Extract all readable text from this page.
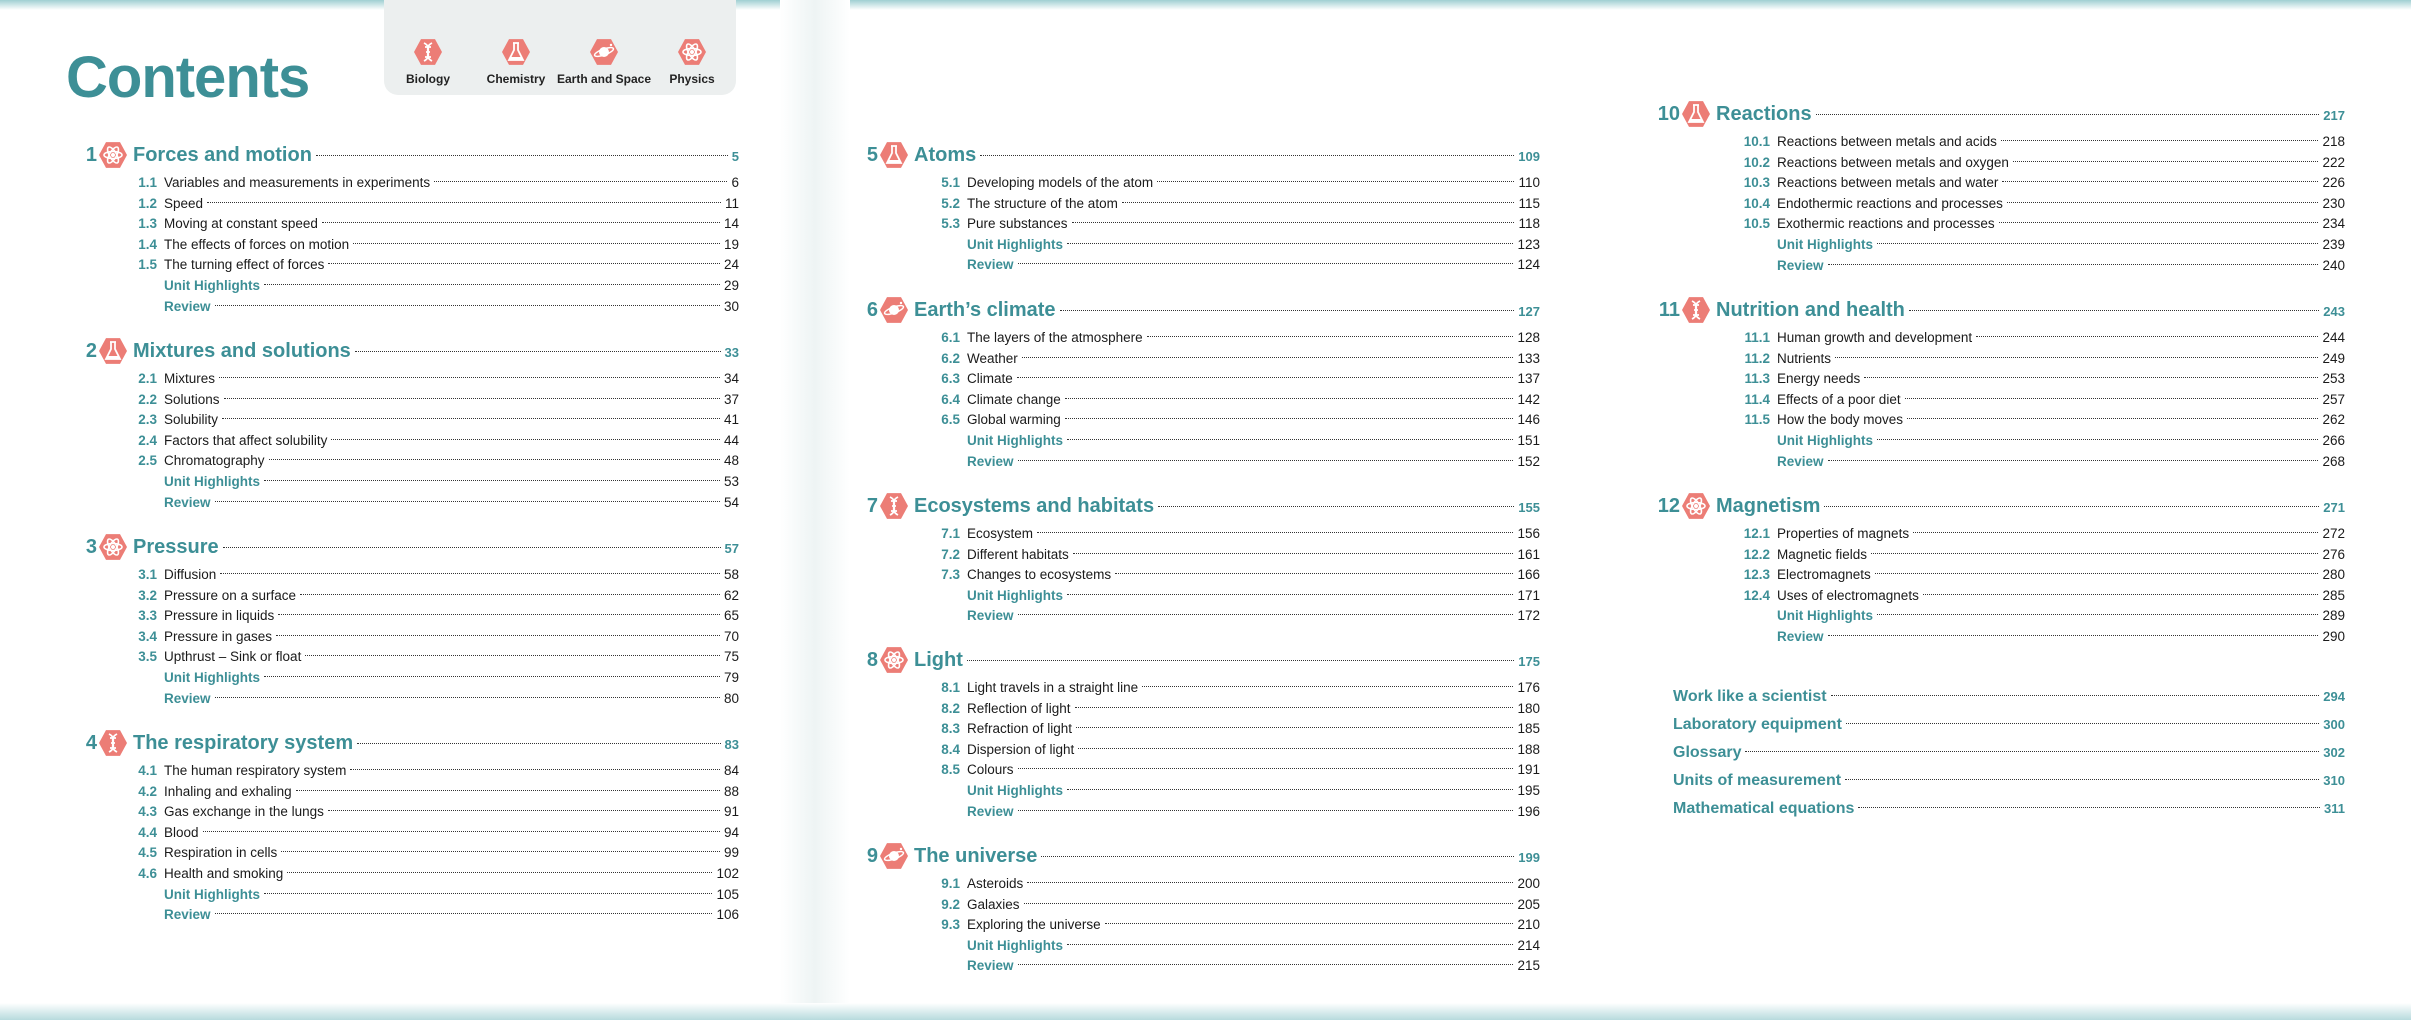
Contents	Biology	Chemistry Earth and Space Physics
1 Forces and motion	5
1.1 Variables and measurements in experiments	6
1.2 Speed	11
1.3 Moving at constant speed	14
1.4 The effects of forces on motion	19
1.5 The turning effect of forces	24
Unit Highlights	29
Review	30
2 Mixtures and solutions	33
2.1 Mixtures	34
2.2 Solutions	37
2.3 Solubility	41
2.4 Factors that affect solubility	44
2.5 Chromatography	48
Unit Highlights	53
Review	54
3 Pressure	57
3.1 Diffusion	58
3.2 Pressure on a surface	62
3.3 Pressure in liquids	65
3.4 Pressure in gases	70
3.5 Upthrust – Sink or float	75
Unit Highlights	79
Review	80
4 The respiratory system	83
4.1 The human respiratory system	84
4.2 Inhaling and exhaling	88
4.3 Gas exchange in the lungs	91
4.4 Blood	94
4.5 Respiration in cells	99
4.6 Health and smoking	102
Unit Highlights	105
Review	106
5 Atoms	109
5.1 Developing models of the atom	110
5.2 The structure of the atom	115
5.3 Pure substances	118
Unit Highlights	123
Review	124
6 Earth’s climate	127
6.1 The layers of the atmosphere	128
6.2 Weather	133
6.3 Climate	137
6.4 Climate change	142
6.5 Global warming	146
Unit Highlights	151
Review	152
7 Ecosystems and habitats	155
7.1 Ecosystem	156
7.2 Different habitats	161
7.3 Changes to ecosystems	166
Unit Highlights	171
Review	172
8 Light	175
8.1 Light travels in a straight line	176
8.2 Reflection of light	180
8.3 Refraction of light	185
8.4 Dispersion of light	188
8.5 Colours	191
Unit Highlights	195
Review	196
9 The universe	199
9.1 Asteroids	200
9.2 Galaxies	205
9.3 Exploring the universe	210
Unit Highlights	214
Review	215
10 Reactions	217
10.1 Reactions between metals and acids	218
10.2 Reactions between metals and oxygen	222
10.3 Reactions between metals and water	226
10.4 Endothermic reactions and processes	230
10.5 Exothermic reactions and processes	234
Unit Highlights	239
Review	240
11 Nutrition and health	243
11.1 Human growth and development	244
11.2 Nutrients	249
11.3 Energy needs	253
11.4 Effects of a poor diet	257
11.5 How the body moves	262
Unit Highlights	266
Review	268
12 Magnetism	271
12.1 Properties of magnets	272
12.2 Magnetic fields	276
12.3 Electromagnets	280
12.4 Uses of electromagnets	285
Unit Highlights	289
Review	290
Work like a scientist	294
Laboratory equipment	300
Glossary	302
Units of measurement	310
Mathematical equations	311
